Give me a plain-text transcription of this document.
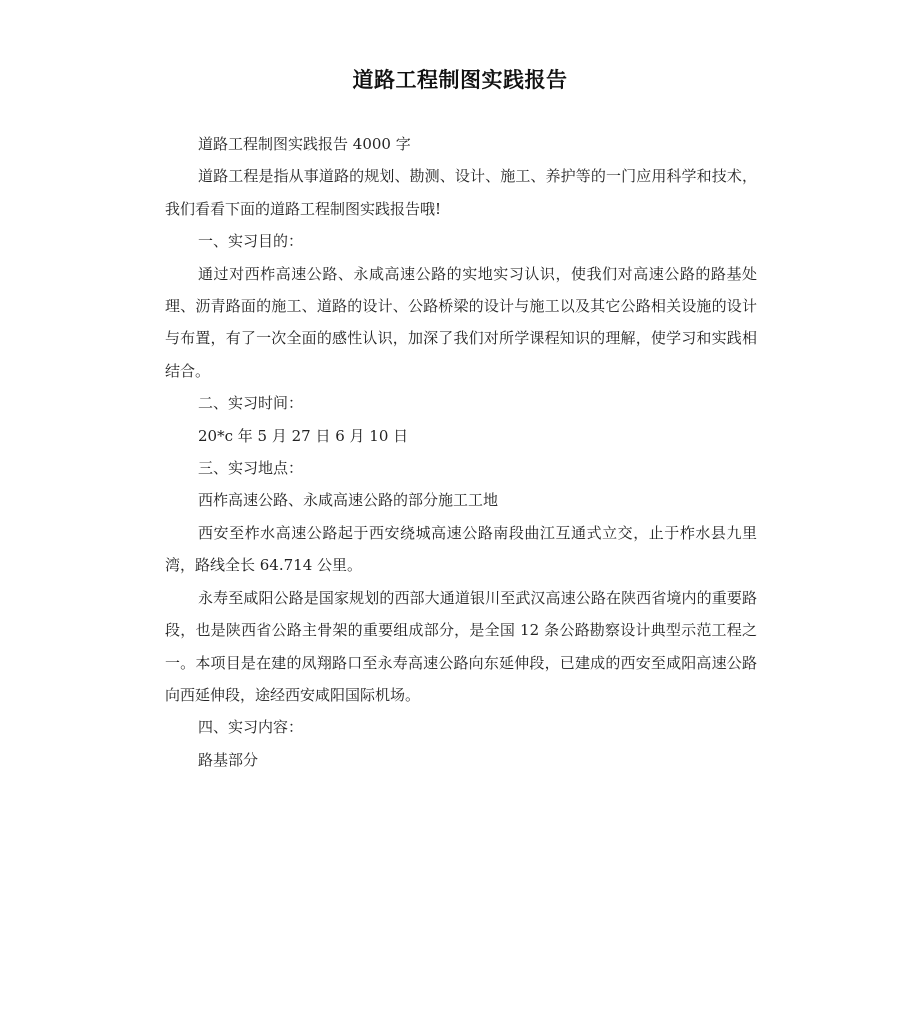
道路工程制图实践报告

道路工程制图实践报告 4000 字

道路工程是指从事道路的规划、勘测、设计、施工、养护等的一门应用科学和技术，我们看看下面的道路工程制图实践报告哦!

一、实习目的：

通过对西柞高速公路、永咸高速公路的实地实习认识，使我们对高速公路的路基处理、沥青路面的施工、道路的设计、公路桥梁的设计与施工以及其它公路相关设施的设计与布置，有了一次全面的感性认识，加深了我们对所学课程知识的理解，使学习和实践相结合。

二、实习时间：

20*c 年 5 月 27 日 6 月 10 日

三、实习地点：

西柞高速公路、永咸高速公路的部分施工工地

西安至柞水高速公路起于西安绕城高速公路南段曲江互通式立交，止于柞水县九里湾，路线全长 64.714 公里。

永寿至咸阳公路是国家规划的西部大通道银川至武汉高速公路在陕西省境内的重要路段，也是陕西省公路主骨架的重要组成部分，是全国 12 条公路勘察设计典型示范工程之一。本项目是在建的凤翔路口至永寿高速公路向东延伸段，已建成的西安至咸阳高速公路向西延伸段，途经西安咸阳国际机场。

四、实习内容：

路基部分
